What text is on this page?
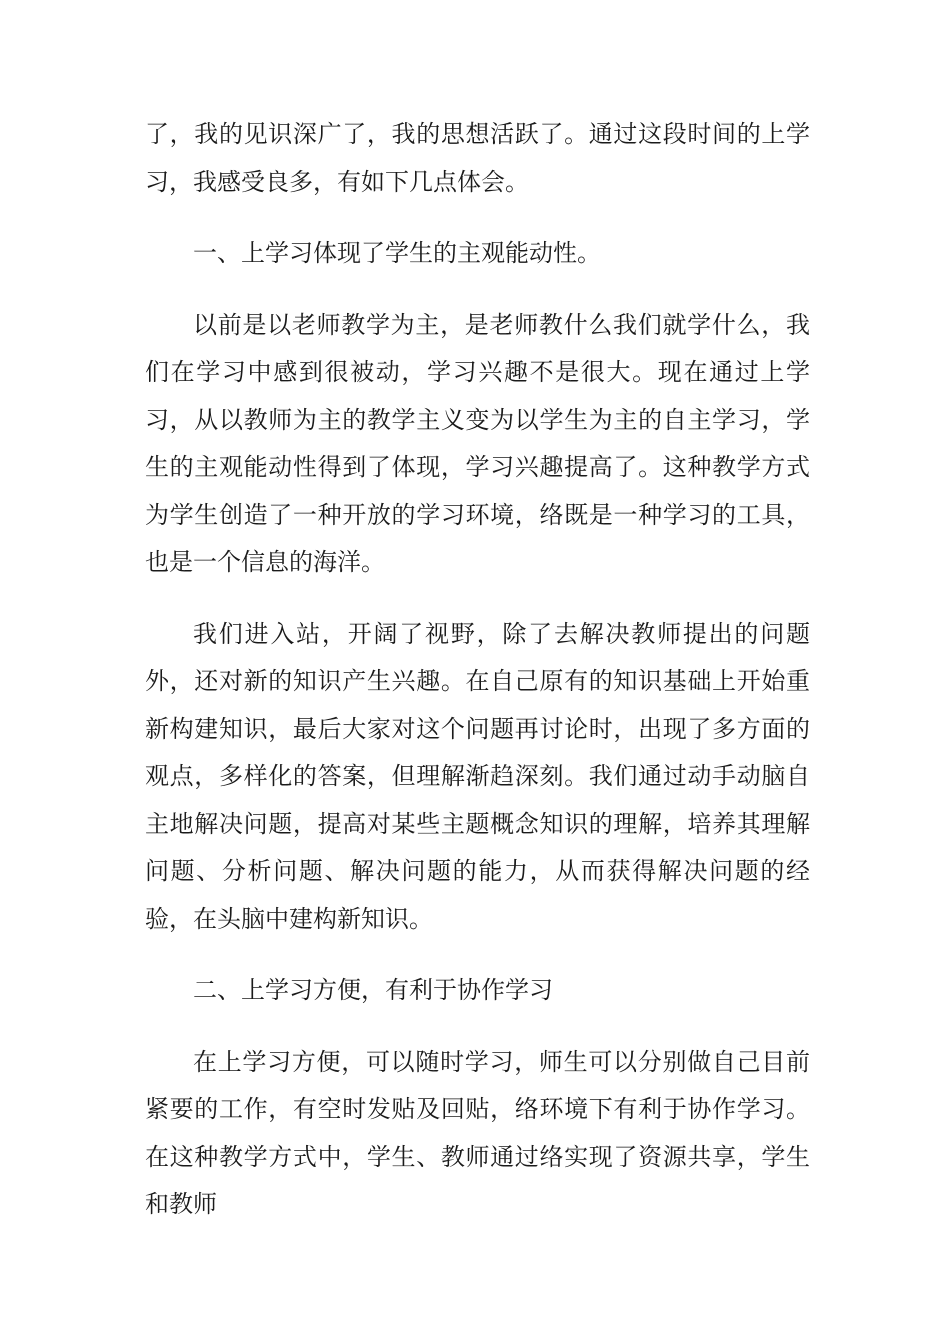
了，我的见识深广了，我的思想活跃了。通过这段时间的上学习，我感受良多，有如下几点体会。

一、上学习体现了学生的主观能动性。

以前是以老师教学为主，是老师教什么我们就学什么，我们在学习中感到很被动，学习兴趣不是很大。现在通过上学习，从以教师为主的教学主义变为以学生为主的自主学习，学生的主观能动性得到了体现，学习兴趣提高了。这种教学方式为学生创造了一种开放的学习环境，络既是一种学习的工具，也是一个信息的海洋。

我们进入站，开阔了视野，除了去解决教师提出的问题外，还对新的知识产生兴趣。在自己原有的知识基础上开始重新构建知识，最后大家对这个问题再讨论时，出现了多方面的观点，多样化的答案，但理解渐趋深刻。我们通过动手动脑自主地解决问题，提高对某些主题概念知识的理解，培养其理解问题、分析问题、解决问题的能力，从而获得解决问题的经验，在头脑中建构新知识。

二、上学习方便，有利于协作学习

在上学习方便，可以随时学习，师生可以分别做自己目前紧要的工作，有空时发贴及回贴，络环境下有利于协作学习。在这种教学方式中，学生、教师通过络实现了资源共享，学生和教师
